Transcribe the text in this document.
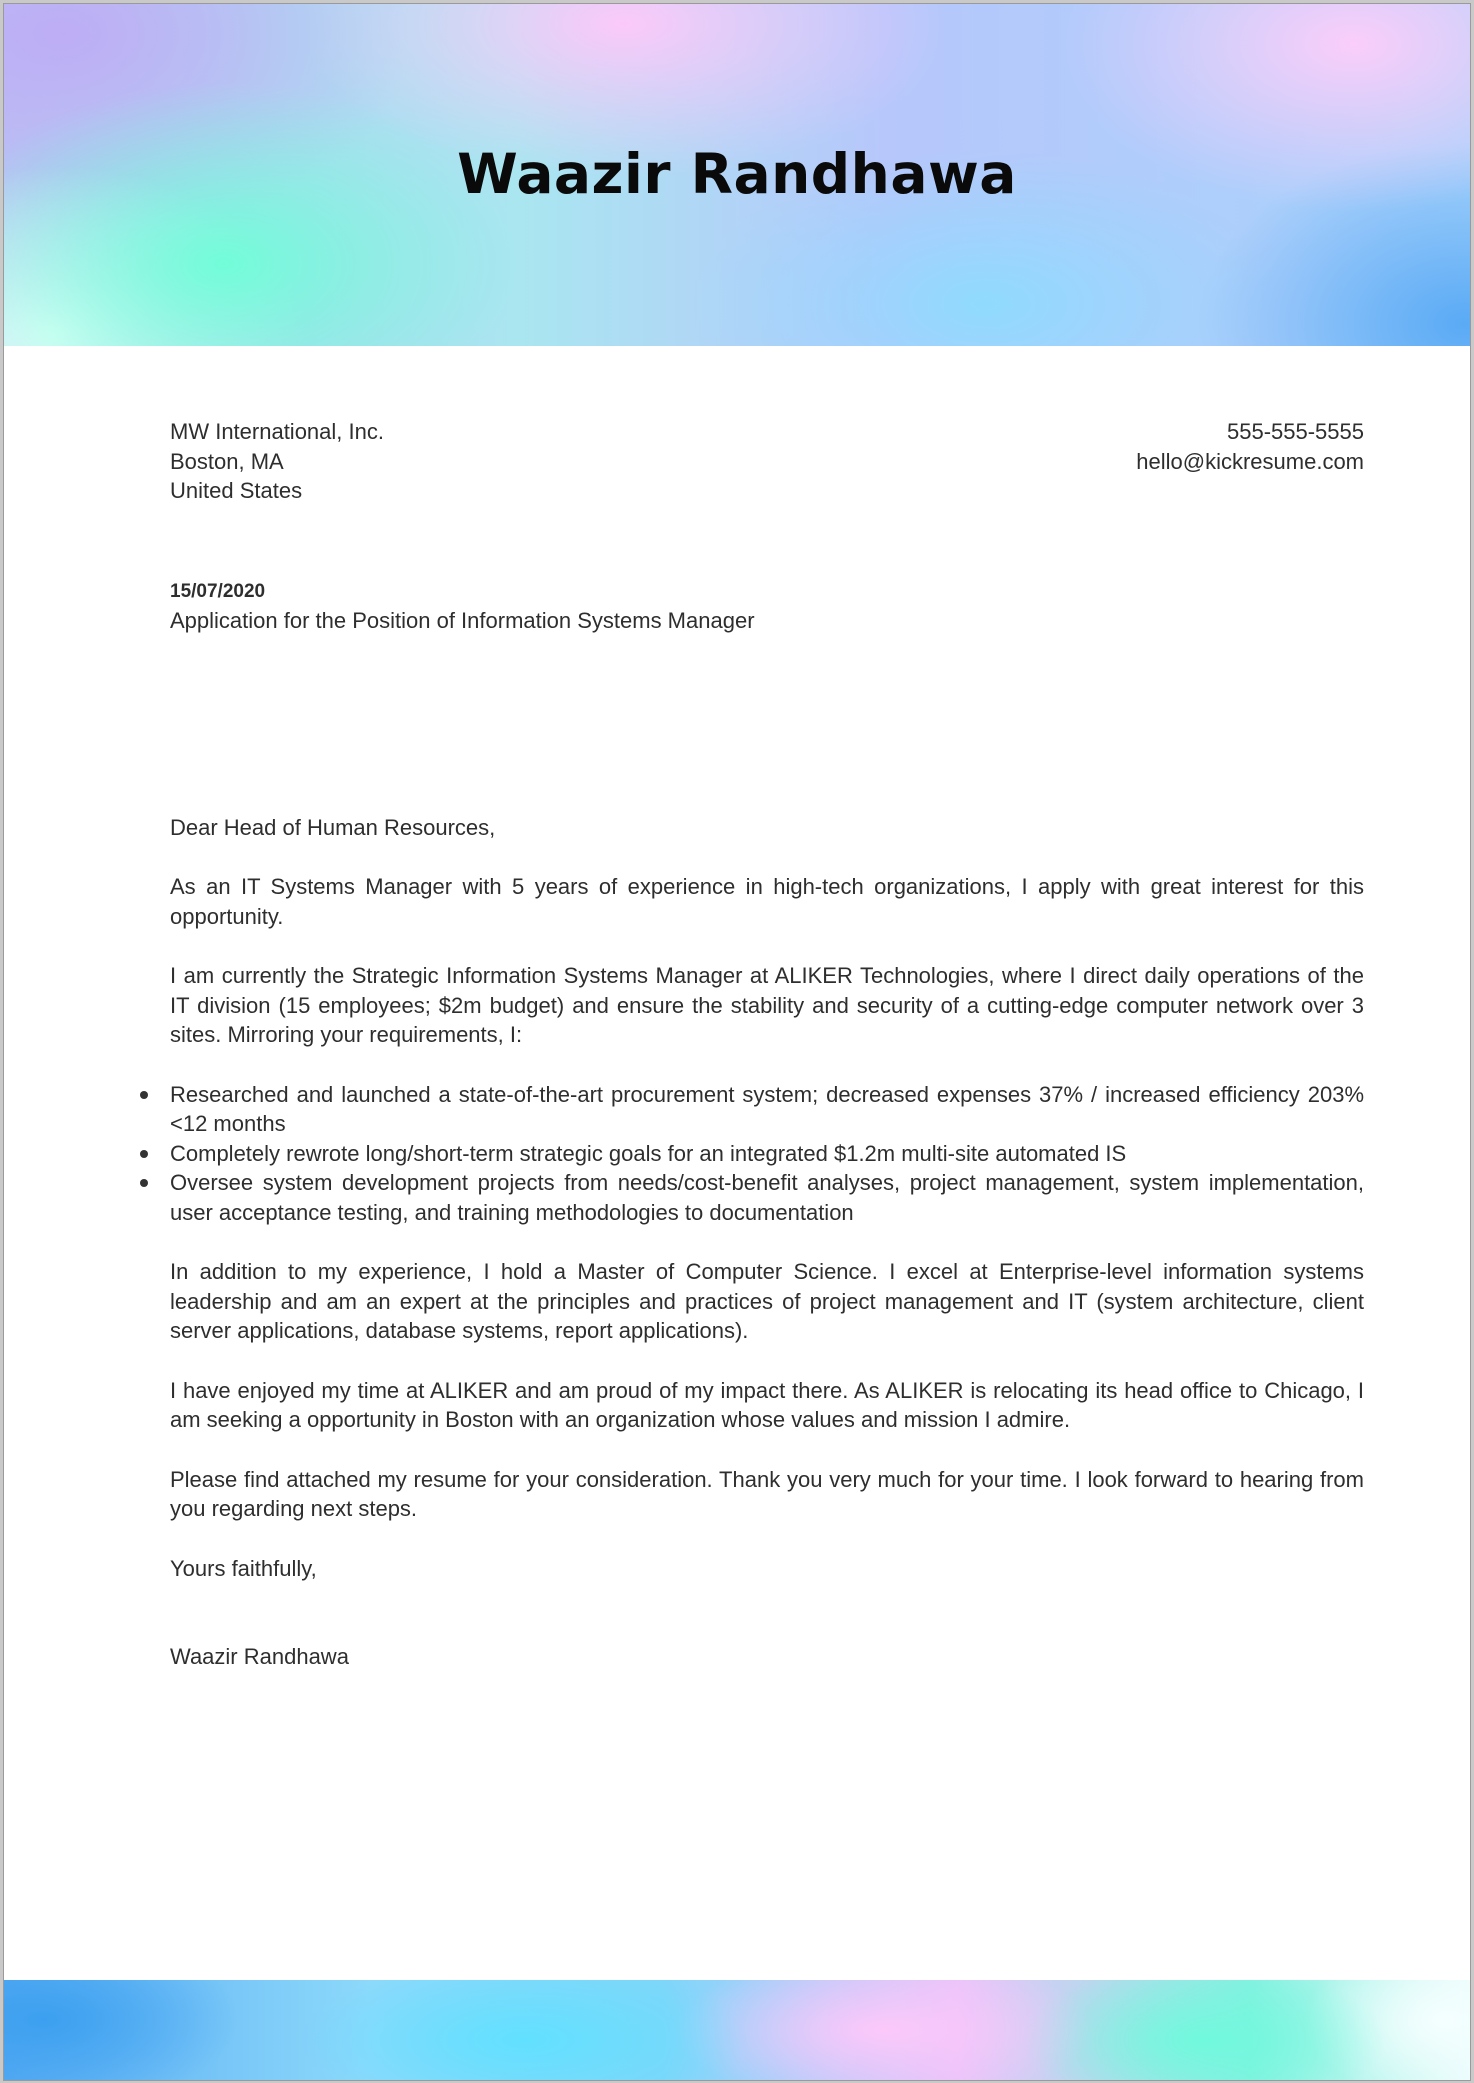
Waazir Randhawa
MW International, Inc.
Boston, MA
United States
555-555-5555
hello@kickresume.com
15/07/2020
Application for the Position of Information Systems Manager
Dear Head of Human Resources,

As an IT Systems Manager with 5 years of experience in high-tech organizations, I apply with great interest for this opportunity.

I am currently the Strategic Information Systems Manager at ALIKER Technologies, where I direct daily operations of the IT division (15 employees; $2m budget) and ensure the stability and security of a cutting-edge computer network over 3 sites. Mirroring your requirements, I:

Researched and launched a state-of-the-art procurement system; decreased expenses 37% / increased efficiency 203% <12 months
Completely rewrote long/short-term strategic goals for an integrated $1.2m multi-site automated IS
Oversee system development projects from needs/cost-benefit analyses, project management, system implementation, user acceptance testing, and training methodologies to documentation

In addition to my experience, I hold a Master of Computer Science. I excel at Enterprise-level information systems leadership and am an expert at the principles and practices of project management and IT (system architecture, client server applications, database systems, report applications).

I have enjoyed my time at ALIKER and am proud of my impact there. As ALIKER is relocating its head office to Chicago, I am seeking a opportunity in Boston with an organization whose values and mission I admire.

Please find attached my resume for your consideration. Thank you very much for your time. I look forward to hearing from you regarding next steps.

Yours faithfully,
Waazir Randhawa
